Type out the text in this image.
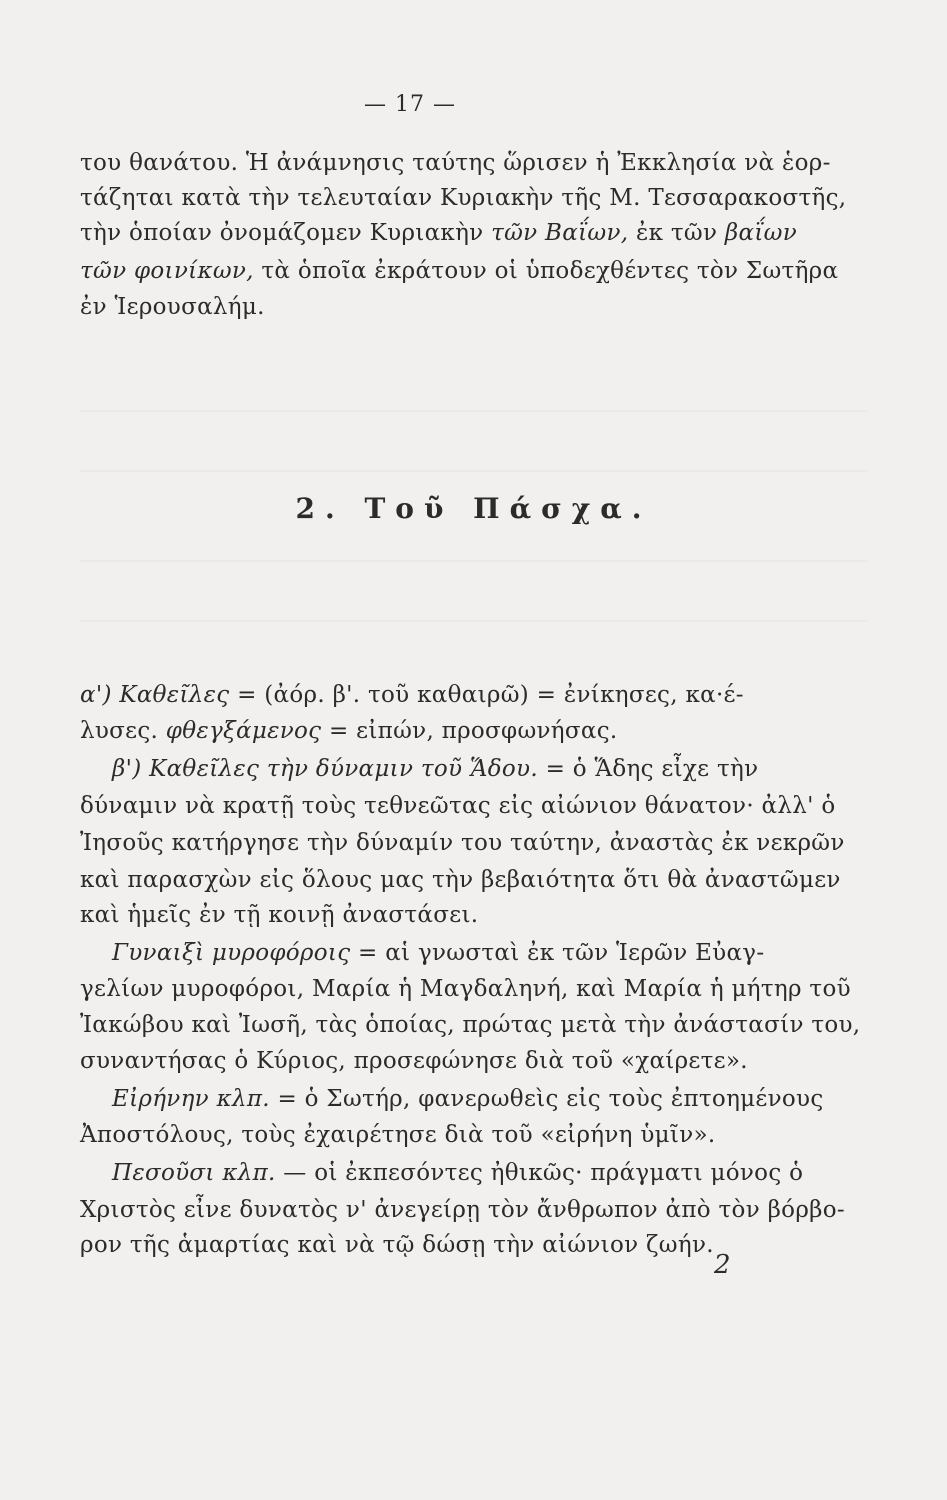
— 17 —
του θανάτου. Ἡ ἀνάμνησις ταύτης ὥρισεν ἡ Ἐκκλησία νὰ ἑορ-
τάζηται κατὰ τὴν τελευταίαν Κυριακὴν τῆς Μ. Τεσσαρακοστῆς,
τὴν ὁποίαν ὀνομάζομεν Κυριακὴν τῶν Βαΐων, ἐκ τῶν βαΐων
τῶν φοινίκων, τὰ ὁποῖα ἐκράτουν οἱ ὑποδεχθέντες τὸν Σωτῆρα
ἐν Ἱερουσαλήμ.
2. Τοῦ Πάσχα.
α') Καθεῖλες = (ἀόρ. β'. τοῦ καθαιρῶ) = ἐνίκησες, κα·έ-
λυσες. φθεγξάμενος = εἰπών, προσφωνήσας.
β') Καθεῖλες τὴν δύναμιν τοῦ Ἅδου. = ὁ Ἅδης εἶχε τὴν
δύναμιν νὰ κρατῇ τοὺς τεθνεῶτας εἰς αἰώνιον θάνατον· ἀλλ' ὁ
Ἰησοῦς κατήργησε τὴν δύναμίν του ταύτην, ἀναστὰς ἐκ νεκρῶν
καὶ παρασχὼν εἰς ὅλους μας τὴν βεβαιότητα ὅτι θὰ ἀναστῶμεν
καὶ ἡμεῖς ἐν τῇ κοινῇ ἀναστάσει.
Γυναιξὶ μυροφόροις = αἱ γνωσταὶ ἐκ τῶν Ἱερῶν Εὐαγ-
γελίων μυροφόροι, Μαρία ἡ Μαγδαληνή, καὶ Μαρία ἡ μήτηρ τοῦ
Ἰακώβου καὶ Ἰωσῆ, τὰς ὁποίας, πρώτας μετὰ τὴν ἀνάστασίν του,
συναντήσας ὁ Κύριος, προσεφώνησε διὰ τοῦ «χαίρετε».
Εἰρήνην κλπ. = ὁ Σωτήρ, φανερωθεὶς εἰς τοὺς ἐπτοημένους
Ἀποστόλους, τοὺς ἐχαιρέτησε διὰ τοῦ «εἰρήνη ὑμῖν».
Πεσοῦσι κλπ. — οἱ ἐκπεσόντες ἠθικῶς· πράγματι μόνος ὁ
Χριστὸς εἶνε δυνατὸς ν' ἀνεγείρῃ τὸν ἄνθρωπον ἀπὸ τὸν βόρβο-
ρον τῆς ἁμαρτίας καὶ νὰ τῷ δώσῃ τὴν αἰώνιον ζωήν.
2
